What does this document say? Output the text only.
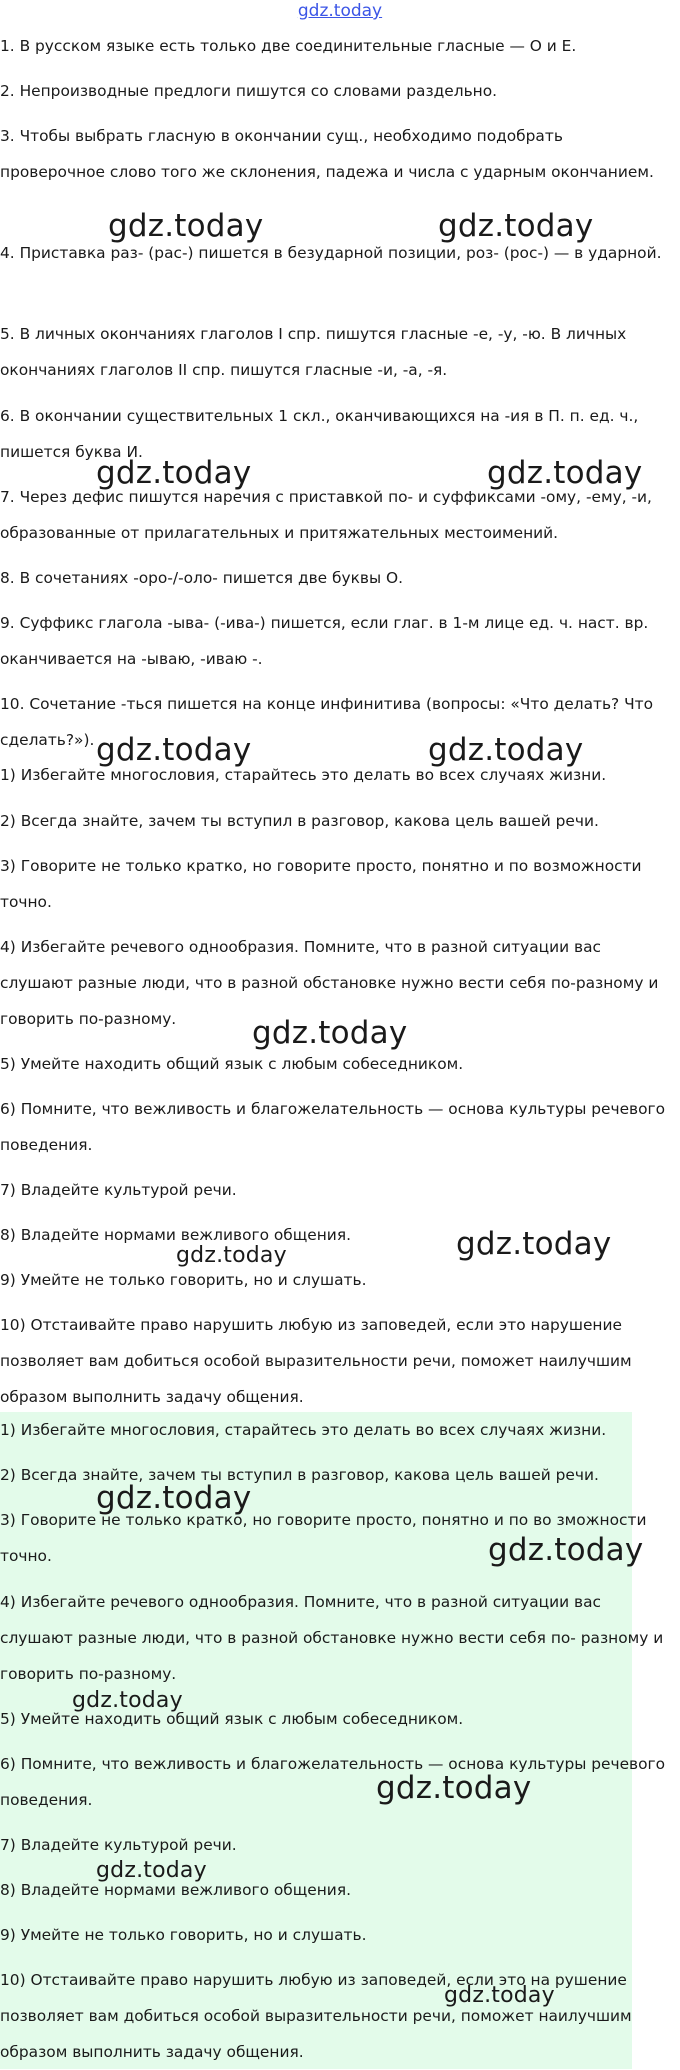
gdz.today

1. В русском языке есть только две соединительные гласные — О и Е.

2. Непроизводные предлоги пишутся со словами раздельно.

3. Чтобы выбрать гласную в окончании сущ., необходимо подобрать проверочное слово того же склонения, падежа и числа с ударным окончанием.

4. Приставка раз- (рас-) пишется в безударной позиции, роз- (рос-) — в ударной.

5. В личных окончаниях глаголов I спр. пишутся гласные -е, -у, -ю. В личных окончаниях глаголов II спр. пишутся гласные -и, -а, -я.

6. В окончании существительных 1 скл., оканчивающихся на -ия в П. п. ед. ч., пишется буква И.

7. Через дефис пишутся наречия с приставкой по- и суффиксами -ому, -ему, -и, образованные от прилагательных и притяжательных местоимений.

8. В сочетаниях -оро-/-оло- пишется две буквы О.

9. Суффикс глагола -ыва- (-ива-) пишется, если глаг. в 1-м лице ед. ч. наст. вр. оканчивается на -ываю, -иваю -.

10. Сочетание -ться пишется на конце инфинитива (вопросы: «Что делать? Что сделать?»).

1) Избегайте многословия, старайтесь это делать во всех случаях жизни.

2) Всегда знайте, зачем ты вступил в разговор, какова цель вашей речи.

3) Говорите не только кратко, но говорите просто, понятно и по возможности точно.

4) Избегайте речевого однообразия. Помните, что в разной ситуации вас слушают разные люди, что в разной обстановке нужно вести себя по-разному и говорить по-разному.

5) Умейте находить общий язык с любым собеседником.

6) Помните, что вежливость и благожелательность — основа культуры речевого поведения.

7) Владейте культурой речи.

8) Владейте нормами вежливого общения.

9) Умейте не только говорить, но и слушать.

10) Отстаивайте право нарушить любую из заповедей, если это нарушение позволяет вам добиться особой выразительности речи, поможет наилучшим образом выполнить задачу общения.

1) Избегайте многословия, старайтесь это делать во всех случаях жизни.

2) Всегда знайте, зачем ты вступил в разговор, какова цель вашей речи.

3) Говорите не только кратко, но говорите просто, понятно и по во зможности точно.

4) Избегайте речевого однообразия. Помните, что в разной ситуации вас слушают разные люди, что в разной обстановке нужно вести себя по- разному и говорить по-разному.

5) Умейте находить общий язык с любым собеседником.

6) Помните, что вежливость и благожелательность — основа культуры речевого поведения.

7) Владейте культурой речи.

8) Владейте нормами вежливого общения.

9) Умейте не только говорить, но и слушать.

10) Отстаивайте право нарушить любую из заповедей, если это на рушение позволяет вам добиться особой выразительности речи, поможет наилучшим образом выполнить задачу общения.

gdz.today	gdz.today
gdz.today	gdz.today
gdz.today	gdz.today
gdz.today
gdz.today
gdz.today
gdz.today
gdz.today
gdz.today
gdz.today
gdz.today
gdz.today
